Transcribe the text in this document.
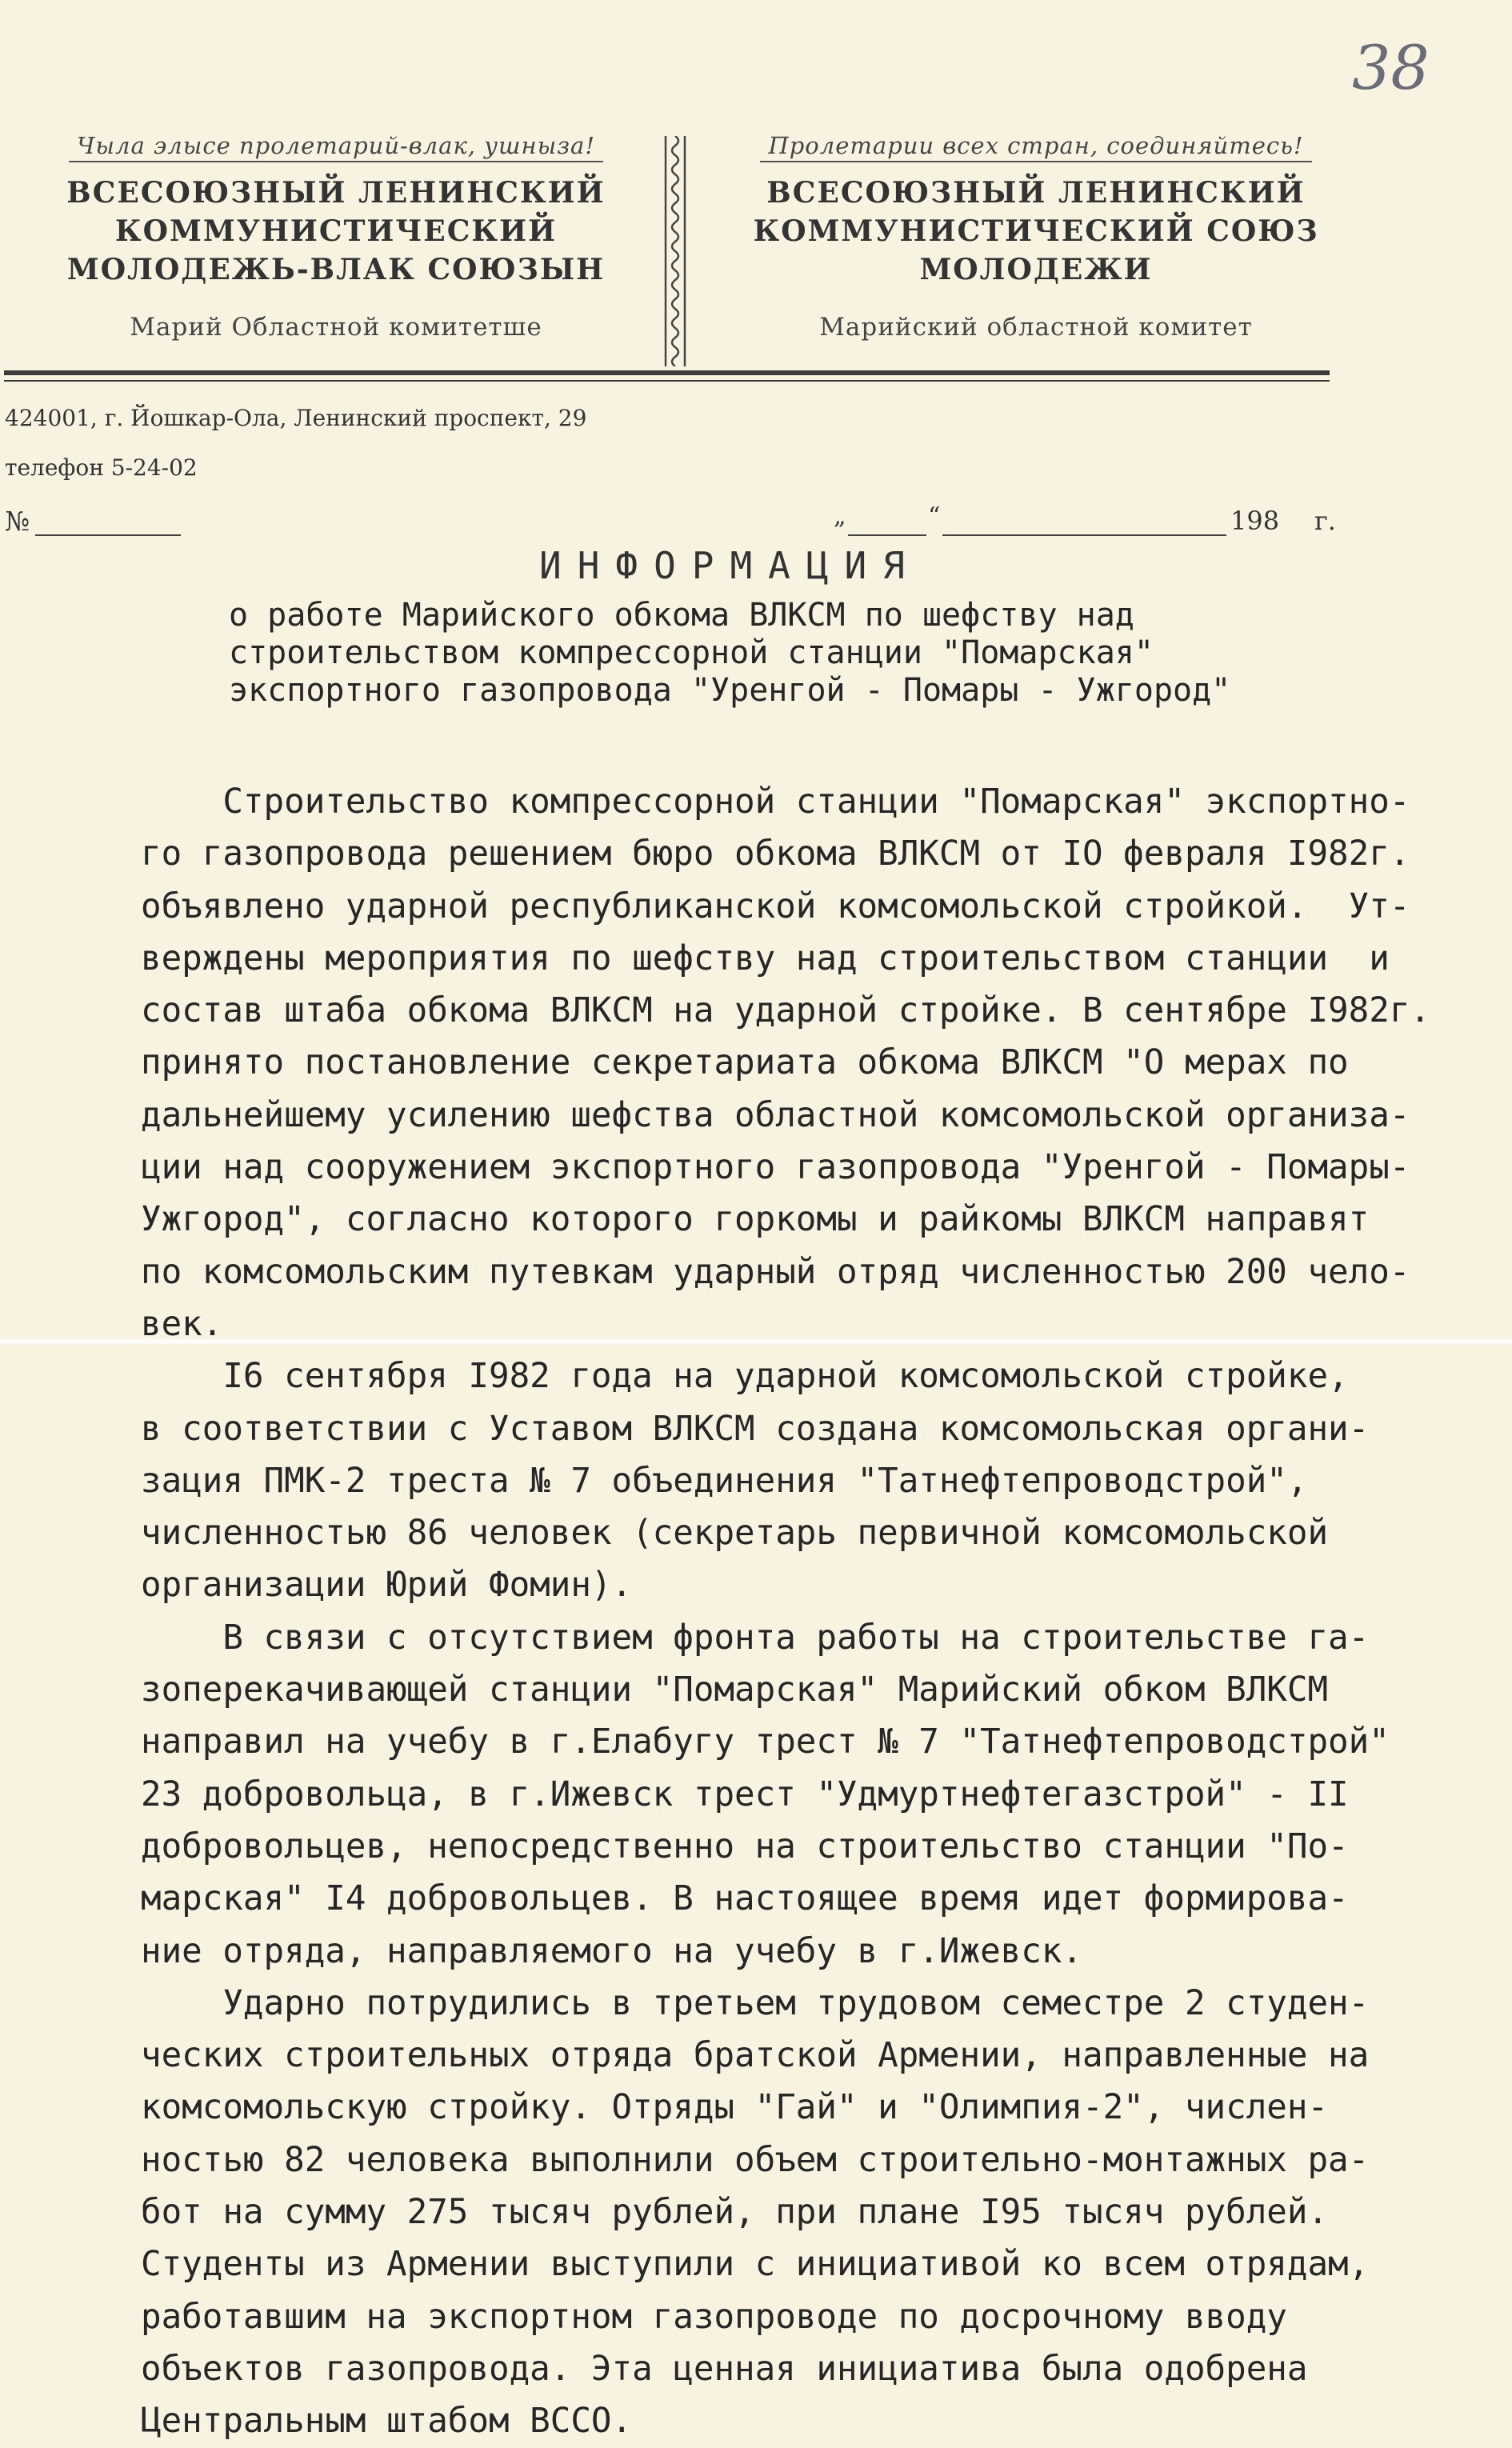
38
Чыла элысе пролетарий-влак, ушныза!
ВСЕСОЮЗНЫЙ ЛЕНИНСКИЙ
КОММУНИСТИЧЕСКИЙ
МОЛОДЕЖЬ-ВЛАК СОЮЗЫН
Марий Областной комитетше
Пролетарии всех стран, соединяйтесь!
ВСЕСОЮЗНЫЙ ЛЕНИНСКИЙ
КОММУНИСТИЧЕСКИЙ СОЮЗ
МОЛОДЕЖИ
Марийский областной комитет
424001, г. Йошкар-Ола, Ленинский проспект, 29
телефон 5-24-02
№	„	“	198 г.
ИНФОРМАЦИЯ
о работе Марийского обкома ВЛКСМ по шефству над
строительством компрессорной станции "Помарская"
экспортного газопровода "Уренгой - Помары - Ужгород"
Строительство компрессорной станции "Помарская" экспортно-
го газопровода решением бюро обкома ВЛКСМ от IO февраля I982г.
объявлено ударной республиканской комсомольской стройкой.  Ут-
верждены мероприятия по шефству над строительством станции  и
состав штаба обкома ВЛКСМ на ударной стройке. В сентябре I982г.
принято постановление секретариата обкома ВЛКСМ "О мерах по
дальнейшему усилению шефства областной комсомольской организа-
ции над сооружением экспортного газопровода "Уренгой - Помары-
Ужгород", согласно которого горкомы и райкомы ВЛКСМ направят
по комсомольским путевкам ударный отряд численностью 200 чело-
век.
I6 сентября I982 года на ударной комсомольской стройке,
в соответствии с Уставом ВЛКСМ создана комсомольская органи-
зация ПМК-2 треста № 7 объединения "Татнефтепроводстрой",
численностью 86 человек (секретарь первичной комсомольской
организации Юрий Фомин).
В связи с отсутствием фронта работы на строительстве га-
зоперекачивающей станции "Помарская" Марийский обком ВЛКСМ
направил на учебу в г.Елабугу трест № 7 "Татнефтепроводстрой"
23 добровольца, в г.Ижевск трест "Удмуртнефтегазстрой" - II
добровольцев, непосредственно на строительство станции "По-
марская" I4 добровольцев. В настоящее время идет формирова-
ние отряда, направляемого на учебу в г.Ижевск.
Ударно потрудились в третьем трудовом семестре 2 студен-
ческих строительных отряда братской Армении, направленные на
комсомольскую стройку. Отряды "Гай" и "Олимпия-2", числен-
ностью 82 человека выполнили объем строительно-монтажных ра-
бот на сумму 275 тысяч рублей, при плане I95 тысяч рублей.
Студенты из Армении выступили с инициативой ко всем отрядам,
работавшим на экспортном газопроводе по досрочному вводу
объектов газопровода. Эта ценная инициатива была одобрена
Центральным штабом ВССО.
